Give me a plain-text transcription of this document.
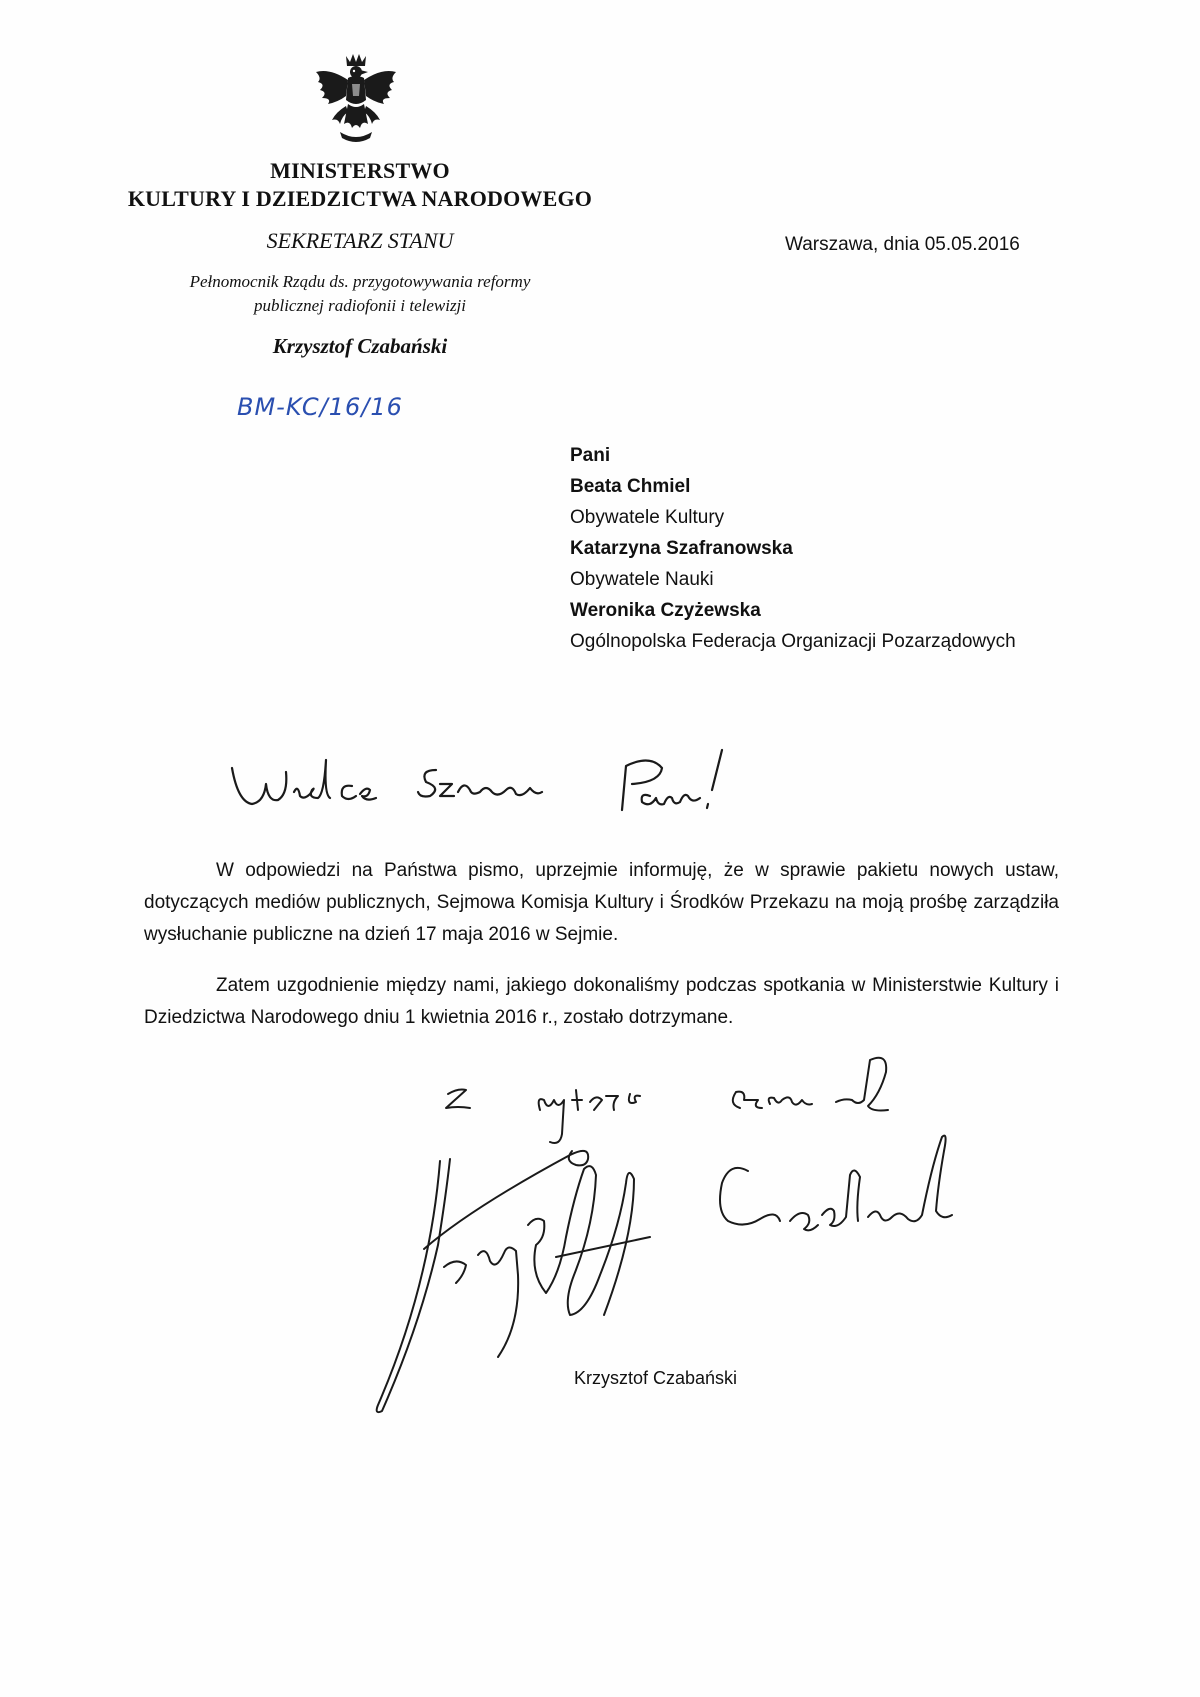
MINISTERSTWO
KULTURY I DZIEDZICTWA NARODOWEGO
SEKRETARZ STANU
Pełnomocnik Rządu ds. przygotowywania reformy
publicznej radiofonii i telewizji
Krzysztof Czabański
BM-KC/16/16
Warszawa, dnia 05.05.2016
Pani
Beata Chmiel
Obywatele Kultury
Katarzyna Szafranowska
Obywatele Nauki
Weronika Czyżewska
Ogólnopolska Federacja Organizacji Pozarządowych
Wielce Szanowne Panie!
W odpowiedzi na Państwa pismo, uprzejmie informuję, że w sprawie pakietu nowych ustaw, dotyczących mediów publicznych, Sejmowa Komisja Kultury i Środków Przekazu na moją prośbę zarządziła wysłuchanie publiczne na dzień 17 maja 2016 w Sejmie.
Zatem uzgodnienie między nami, jakiego dokonaliśmy podczas spotkania w Ministerstwie Kultury i Dziedzictwa Narodowego dniu 1 kwietnia 2016 r., zostało dotrzymane.
Z wyrazami szacunku
Krzysztof Czabański
Krzysztof Czabański
